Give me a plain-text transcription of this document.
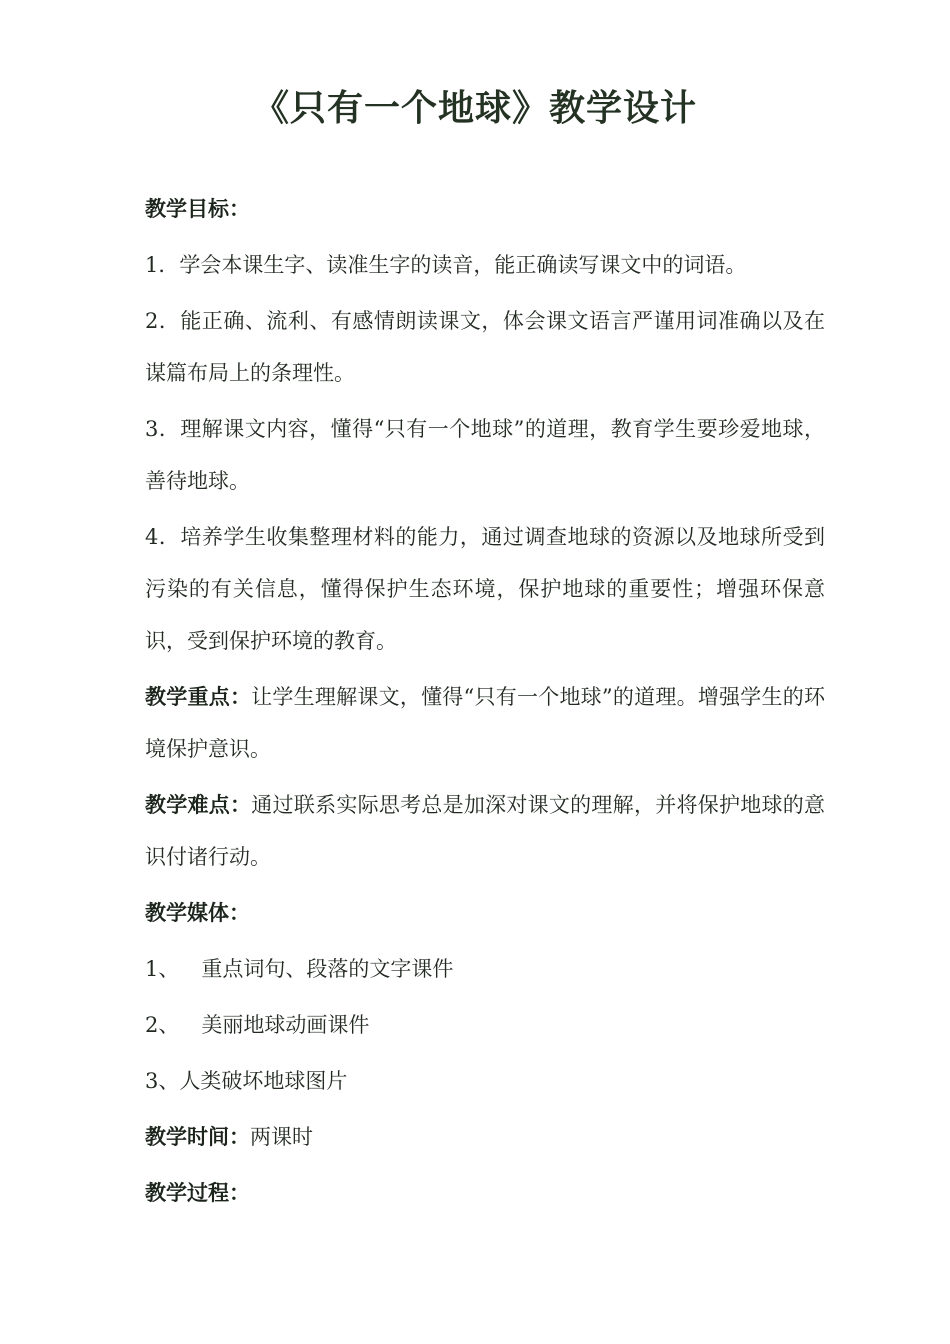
《只有一个地球》教学设计

教学目标：

1．学会本课生字、读准生字的读音，能正确读写课文中的词语。

2．能正确、流利、有感情朗读课文，体会课文语言严谨用词准确以及在谋篇布局上的条理性。

3．理解课文内容，懂得“只有一个地球”的道理，教育学生要珍爱地球，善待地球。

4．培养学生收集整理材料的能力，通过调查地球的资源以及地球所受到污染的有关信息，懂得保护生态环境，保护地球的重要性；增强环保意识，受到保护环境的教育。

教学重点：让学生理解课文，懂得“只有一个地球”的道理。增强学生的环境保护意识。

教学难点：通过联系实际思考总是加深对课文的理解，并将保护地球的意识付诸行动。

教学媒体：

1、 重点词句、段落的文字课件

2、 美丽地球动画课件

3、人类破坏地球图片

教学时间：两课时

教学过程：
